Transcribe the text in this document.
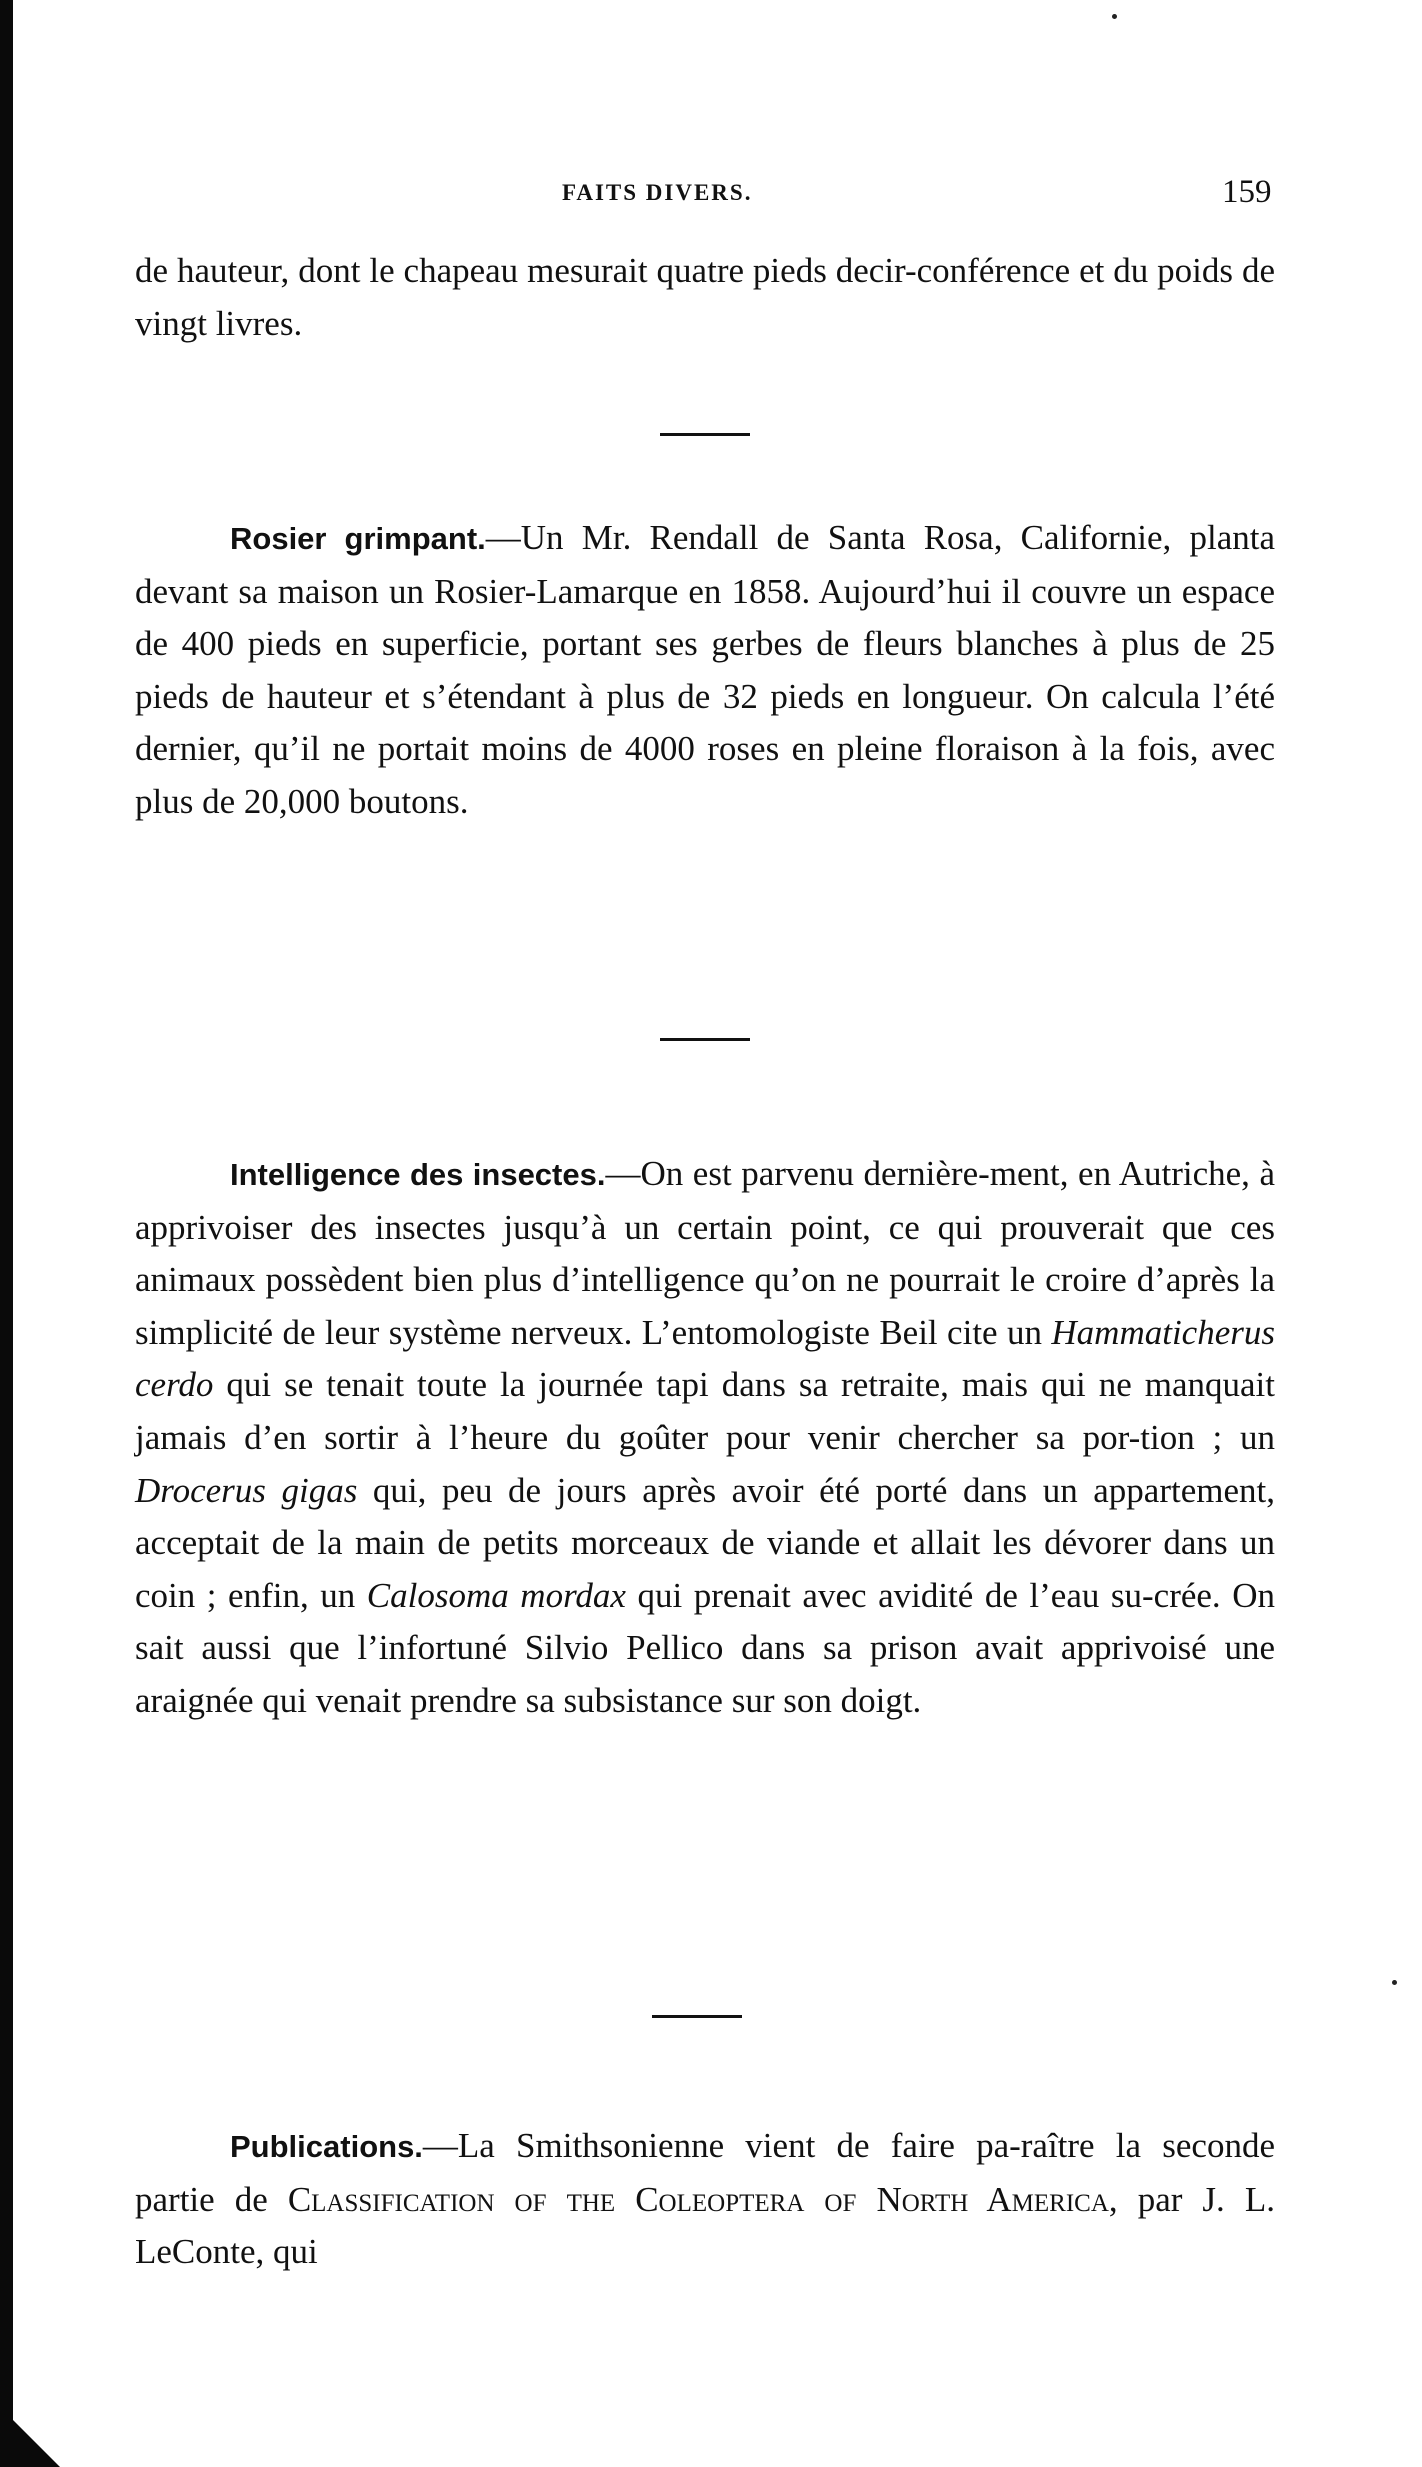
FAITS DIVERS.	159
de hauteur, dont le chapeau mesurait quatre pieds decir-conférence et du poids de vingt livres.
Rosier grimpant.—Un Mr. Rendall de Santa Rosa, Californie, planta devant sa maison un Rosier-Lamarque en 1858. Aujourd’hui il couvre un espace de 400 pieds en superficie, portant ses gerbes de fleurs blanches à plus de 25 pieds de hauteur et s’étendant à plus de 32 pieds en longueur. On calcula l’été dernier, qu’il ne portait moins de 4000 roses en pleine floraison à la fois, avec plus de 20,000 boutons.
Intelligence des insectes.—On est parvenu dernière-ment, en Autriche, à apprivoiser des insectes jusqu’à un certain point, ce qui prouverait que ces animaux possèdent bien plus d’intelligence qu’on ne pourrait le croire d’après la simplicité de leur système nerveux. L’entomologiste Beil cite un Hammaticherus cerdo qui se tenait toute la journée tapi dans sa retraite, mais qui ne manquait jamais d’en sortir à l’heure du goûter pour venir chercher sa por-tion ; un Drocerus gigas qui, peu de jours après avoir été porté dans un appartement, acceptait de la main de petits morceaux de viande et allait les dévorer dans un coin ; enfin, un Calosoma mordax qui prenait avec avidité de l’eau su-crée. On sait aussi que l’infortuné Silvio Pellico dans sa prison avait apprivoisé une araignée qui venait prendre sa subsistance sur son doigt.
Publications.—La Smithsonienne vient de faire pa-raître la seconde partie de Classification of the Coleoptera of North America, par J. L. LeConte, qui
